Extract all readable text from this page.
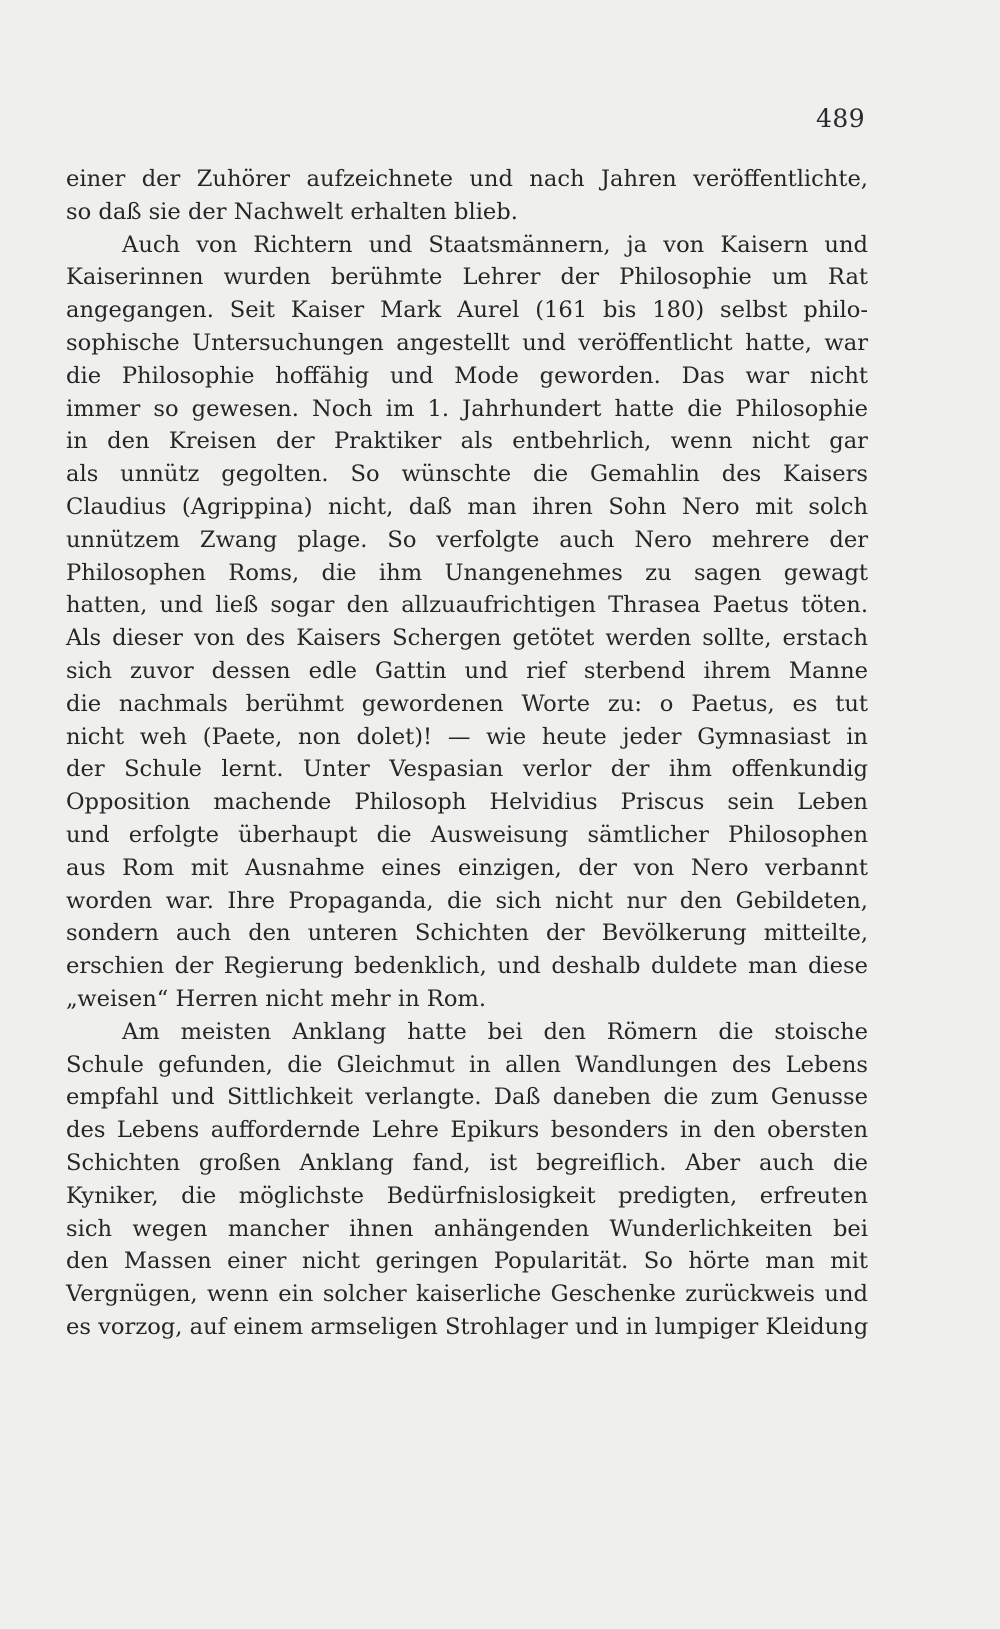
489
einer der Zuhörer aufzeichnete und nach Jahren veröffentlichte,
so daß sie der Nachwelt erhalten blieb.
Auch von Richtern und Staatsmännern, ja von Kaisern und
Kaiserinnen wurden berühmte Lehrer der Philosophie um Rat
angegangen. Seit Kaiser Mark Aurel (161 bis 180) selbst philo-
sophische Untersuchungen angestellt und veröffentlicht hatte, war
die Philosophie hoffähig und Mode geworden. Das war nicht
immer so gewesen. Noch im 1. Jahrhundert hatte die Philosophie
in den Kreisen der Praktiker als entbehrlich, wenn nicht gar
als unnütz gegolten. So wünschte die Gemahlin des Kaisers
Claudius (Agrippina) nicht, daß man ihren Sohn Nero mit solch
unnützem Zwang plage. So verfolgte auch Nero mehrere der
Philosophen Roms, die ihm Unangenehmes zu sagen gewagt
hatten, und ließ sogar den allzuaufrichtigen Thrasea Paetus töten.
Als dieser von des Kaisers Schergen getötet werden sollte, erstach
sich zuvor dessen edle Gattin und rief sterbend ihrem Manne
die nachmals berühmt gewordenen Worte zu: o Paetus, es tut
nicht weh (Paete, non dolet)! — wie heute jeder Gymnasiast in
der Schule lernt. Unter Vespasian verlor der ihm offenkundig
Opposition machende Philosoph Helvidius Priscus sein Leben
und erfolgte überhaupt die Ausweisung sämtlicher Philosophen
aus Rom mit Ausnahme eines einzigen, der von Nero verbannt
worden war. Ihre Propaganda, die sich nicht nur den Gebildeten,
sondern auch den unteren Schichten der Bevölkerung mitteilte,
erschien der Regierung bedenklich, und deshalb duldete man diese
„weisen“ Herren nicht mehr in Rom.
Am meisten Anklang hatte bei den Römern die stoische
Schule gefunden, die Gleichmut in allen Wandlungen des Lebens
empfahl und Sittlichkeit verlangte. Daß daneben die zum Genusse
des Lebens auffordernde Lehre Epikurs besonders in den obersten
Schichten großen Anklang fand, ist begreiflich. Aber auch die
Kyniker, die möglichste Bedürfnislosigkeit predigten, erfreuten
sich wegen mancher ihnen anhängenden Wunderlichkeiten bei
den Massen einer nicht geringen Popularität. So hörte man mit
Vergnügen, wenn ein solcher kaiserliche Geschenke zurückweis und
es vorzog, auf einem armseligen Strohlager und in lumpiger Kleidung
